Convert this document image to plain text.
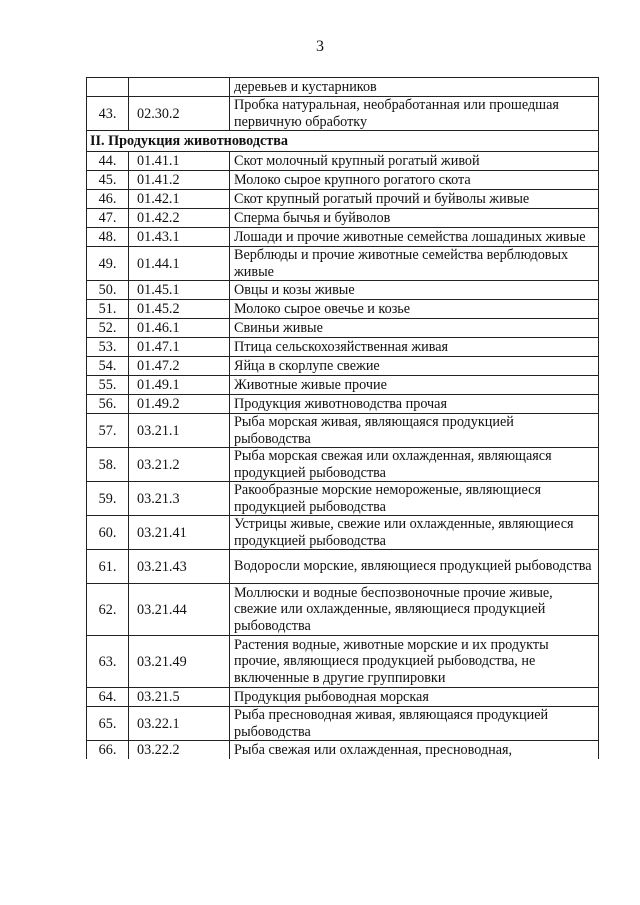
3
		деревьев и кустарников
43.	02.30.2	Пробка натуральная, необработанная или прошедшая первичную обработку
II. Продукция животноводства		
44.	01.41.1	Скот молочный крупный рогатый живой
45.	01.41.2	Молоко сырое крупного рогатого скота
46.	01.42.1	Скот крупный рогатый прочий и буйволы живые
47.	01.42.2	Сперма бычья и буйволов
48.	01.43.1	Лошади и прочие животные семейства лошадиных живые
49.	01.44.1	Верблюды и прочие животные семейства верблюдовых живые
50.	01.45.1	Овцы и козы живые
51.	01.45.2	Молоко сырое овечье и козье
52.	01.46.1	Свиньи живые
53.	01.47.1	Птица сельскохозяйственная живая
54.	01.47.2	Яйца в скорлупе свежие
55.	01.49.1	Животные живые прочие
56.	01.49.2	Продукция животноводства прочая
57.	03.21.1	Рыба морская живая, являющаяся продукцией рыбоводства
58.	03.21.2	Рыба морская свежая или охлажденная, являющаяся продукцией рыбоводства
59.	03.21.3	Ракообразные морские немороженые, являющиеся продукцией рыбоводства
60.	03.21.41	Устрицы живые, свежие или охлажденные, являющиеся продукцией рыбоводства
61.	03.21.43	Водоросли морские, являющиеся продукцией рыбоводства
62.	03.21.44	Моллюски и водные беспозвоночные прочие живые, свежие или охлажденные, являющиеся продукцией рыбоводства
63.	03.21.49	Растения водные, животные морские и их продукты прочие, являющиеся продукцией рыбоводства, не включенные в другие группировки
64.	03.21.5	Продукция рыбоводная морская
65.	03.22.1	Рыба пресноводная живая, являющаяся продукцией рыбоводства
66.	03.22.2	Рыба свежая или охлажденная, пресноводная,
